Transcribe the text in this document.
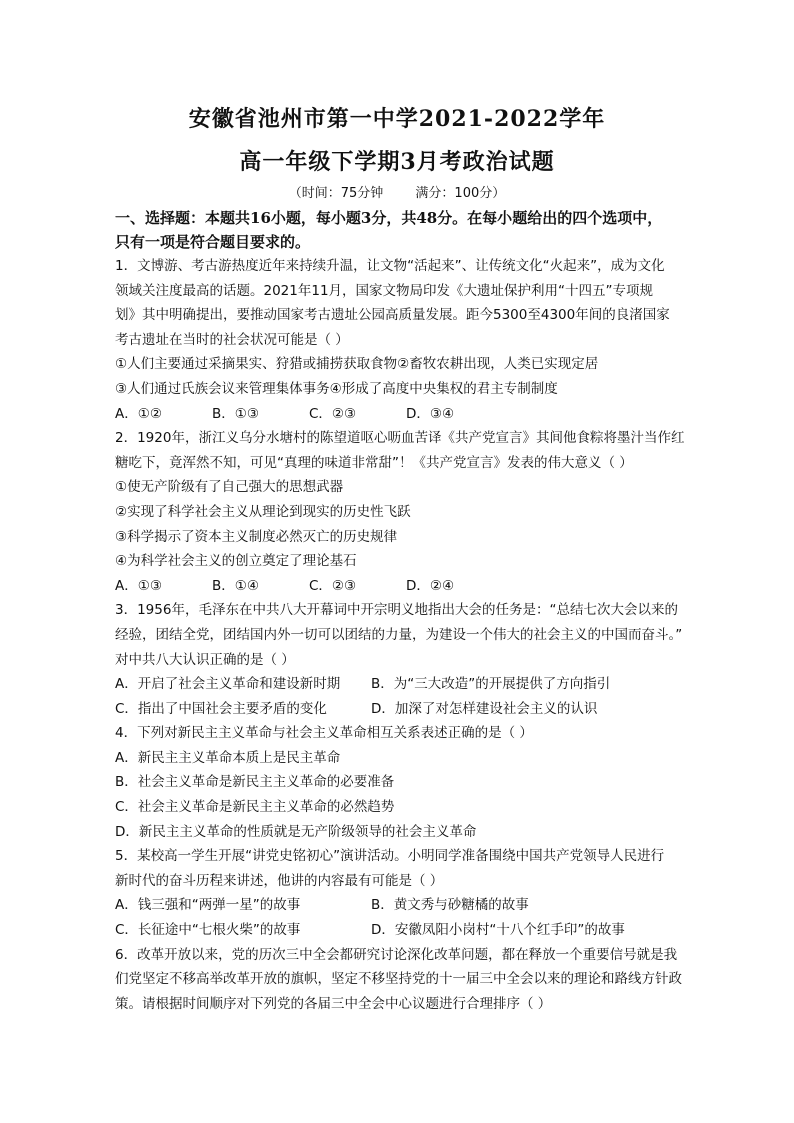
安徽省池州市第一中学2021-2022学年
高一年级下学期3月考政治试题
（时间：75分钟 满分：100分）
一、选择题：本题共16小题，每小题3分，共48分。在每小题给出的四个选项中，
只有一项是符合题目要求的。

1．文博游、考古游热度近年来持续升温，让文物“活起来”、让传统文化“火起来”，成为文化

领域关注度最高的话题。2021年11月，国家文物局印发《大遗址保护利用“十四五”专项规

划》其中明确提出，要推动国家考古遗址公园高质量发展。距今5300至4300年间的良渚国家

考古遗址在当时的社会状况可能是（ ）

①人们主要通过采摘果实、狩猎或捕捞获取食物②畜牧农耕出现，人类已实现定居

③人们通过氏族会议来管理集体事务④形成了高度中央集权的君主专制制度

A．①②	B．①③	C．②③	D．③④

2．1920年，浙江义乌分水塘村的陈望道呕心呖血苦译《共产党宣言》其间他食粽将墨汁当作红

糖吃下，竟浑然不知，可见“真理的味道非常甜”！《共产党宣言》发表的伟大意义（ ）

①使无产阶级有了自己强大的思想武器

②实现了科学社会主义从理论到现实的历史性飞跃

③科学揭示了资本主义制度必然灭亡的历史规律

④为科学社会主义的创立奠定了理论基石

A．①③	B．①④	C．②③	D．②④

3．1956年，毛泽东在中共八大开幕词中开宗明义地指出大会的任务是：“总结七次大会以来的

经验，团结全党，团结国内外一切可以团结的力量，为建设一个伟大的社会主义的中国而奋斗。”

对中共八大认识正确的是（ ）

A．开启了社会主义革命和建设新时期	B．为“三大改造”的开展提供了方向指引
C．指出了中国社会主要矛盾的变化	D．加深了对怎样建设社会主义的认识

4．下列对新民主主义革命与社会主义革命相互关系表述正确的是（ ）

A．新民主主义革命本质上是民主革命

B．社会主义革命是新民主主义革命的必要准备

C．社会主义革命是新民主主义革命的必然趋势

D．新民主主义革命的性质就是无产阶级领导的社会主义革命

5．某校高一学生开展“讲党史铭初心”演讲活动。小明同学准备围绕中国共产党领导人民进行

新时代的奋斗历程来讲述，他讲的内容最有可能是（ ）

A．钱三强和“两弹一星”的故事	B．黄文秀与砂糖橘的故事
C．长征途中“七根火柴”的故事	D．安徽凤阳小岗村“十八个红手印”的故事

6．改革开放以来，党的历次三中全会都研究讨论深化改革问题，都在释放一个重要信号就是我

们党坚定不移高举改革开放的旗帜，坚定不移坚持党的十一届三中全会以来的理论和路线方针政

策。请根据时间顺序对下列党的各届三中全会中心议题进行合理排序（ ）
